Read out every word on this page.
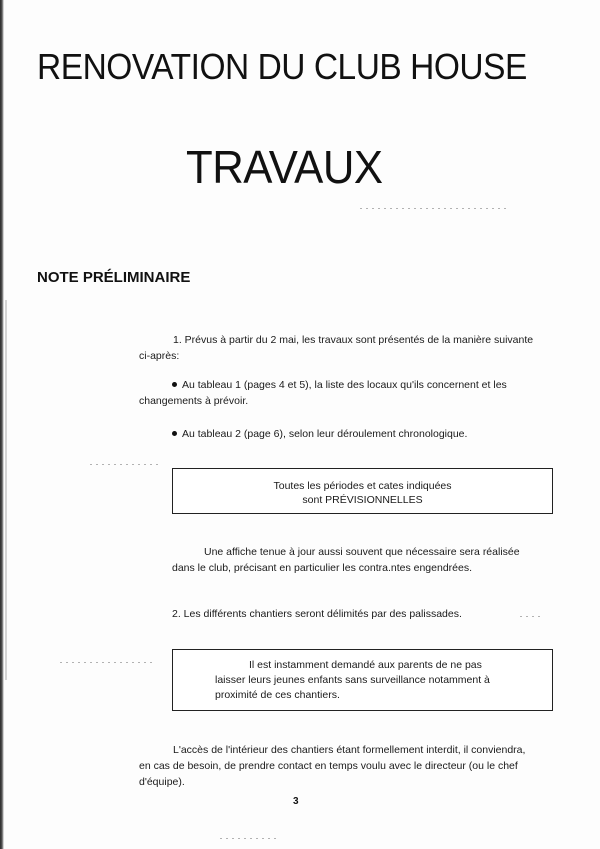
RENOVATION DU CLUB HOUSE
TRAVAUX
NOTE PRÉLIMINAIRE
1. Prévus à partir du 2 mai, les travaux sont présentés de la manière suivante
ci-après:
Au tableau 1 (pages 4 et 5), la liste des locaux qu'ils concernent et les
changements à prévoir.
Au tableau 2 (page 6), selon leur déroulement chronologique.
Toutes les périodes et cates indiquées
sont PRÉVISIONNELLES
Une affiche tenue à jour aussi souvent que nécessaire sera réalisée
dans le club, précisant en particulier les contra.ntes engendrées.
2. Les différents chantiers seront délimités par des palissades.
Il est instamment demandé aux parents de ne pas
laisser leurs jeunes enfants sans surveillance notamment à
proximité de ces chantiers.
L'accès de l'intérieur des chantiers étant formellement interdit, il conviendra,
en cas de besoin, de prendre contact en temps voulu avec le directeur (ou le chef
d'équipe).
3
